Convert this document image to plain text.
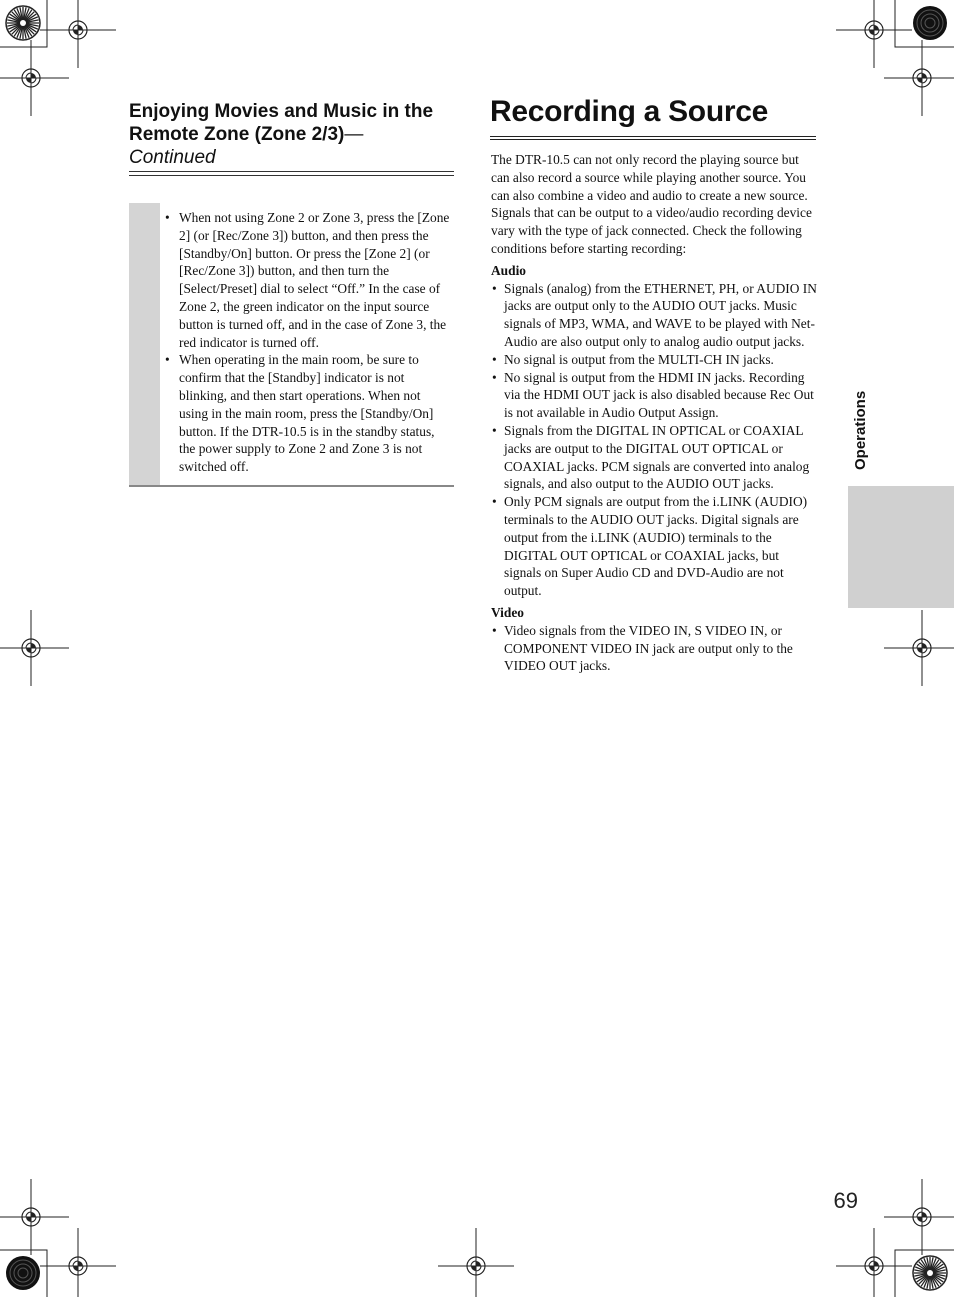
Enjoying Movies and Music in the Remote Zone (Zone 2/3)—
Continued
• When not using Zone 2 or Zone 3, press the [Zone 2] (or [Rec/Zone 3]) button, and then press the [Standby/On] button. Or press the [Zone 2] (or [Rec/Zone 3]) button, and then turn the [Select/Preset] dial to select “Off.” In the case of Zone 2, the green indicator on the input source button is turned off, and in the case of Zone 3, the red indicator is turned off.
• When operating in the main room, be sure to confirm that the [Standby] indicator is not blinking, and then start operations. When not using in the main room, press the [Standby/On] button. If the DTR-10.5 is in the standby status, the power supply to Zone 2 and Zone 3 is not switched off.
Recording a Source

The DTR-10.5 can not only record the playing source but can also record a source while playing another source. You can also combine a video and audio to create a new source.

Signals that can be output to a video/audio recording device vary with the type of jack connected. Check the following conditions before starting recording:

Audio

• Signals (analog) from the ETHERNET, PH, or AUDIO IN jacks are output only to the AUDIO OUT jacks. Music signals of MP3, WMA, and WAVE to be played with Net-Audio are also output only to analog audio output jacks.
• No signal is output from the MULTI-CH IN jacks.
• No signal is output from the HDMI IN jacks. Recording via the HDMI OUT jack is also disabled because Rec Out is not available in Audio Output Assign.
• Signals from the DIGITAL IN OPTICAL or COAXIAL jacks are output to the DIGITAL OUT OPTICAL or COAXIAL jacks. PCM signals are converted into analog signals, and also output to the AUDIO OUT jacks.
• Only PCM signals are output from the i.LINK (AUDIO) terminals to the AUDIO OUT jacks. Digital signals are output from the i.LINK (AUDIO) terminals to the DIGITAL OUT OPTICAL or COAXIAL jacks, but signals on Super Audio CD and DVD-Audio are not output.

Video

• Video signals from the VIDEO IN, S VIDEO IN, or COMPONENT VIDEO IN jack are output only to the VIDEO OUT jacks.
Operations
69
